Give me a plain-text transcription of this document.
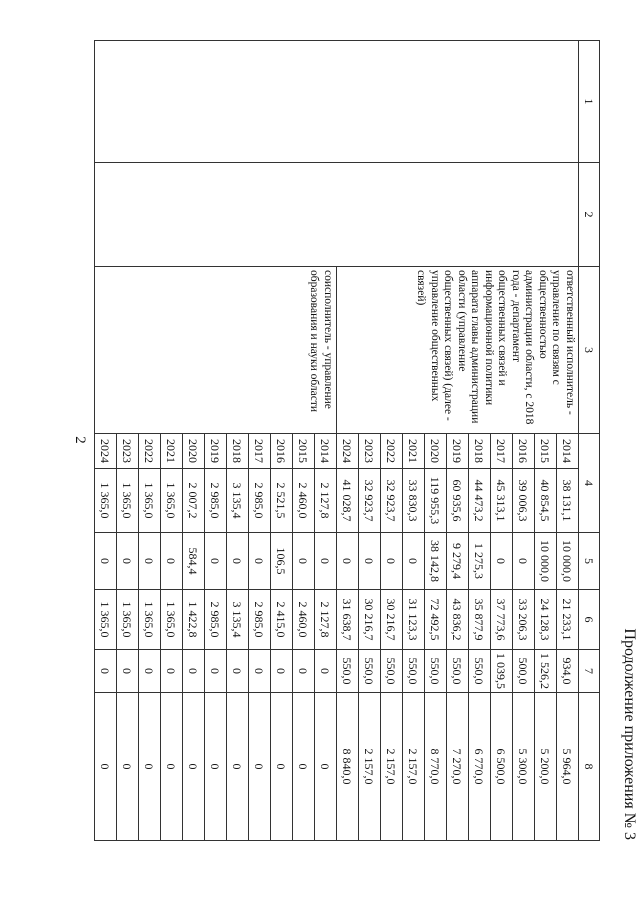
Продолжение приложения № 3
1	2	3	4		5	6	7	8
		ответственный исполнитель - управление по связям с общественностью администрации области, с 2018 года - департамент общественных связей и информационной политики аппарата главы администрации области (управление общественных связей) (далее - управление общественных связей)	2014	38 131,1	10 000,0	21 233,1	934,0	5 964,0
			2015	40 854,5	10 000,0	24 128,3	1 526,2	5 200,0
			2016	39 006,3	0	33 206,3	500,0	5 300,0
			2017	45 313,1	0	37 773,6	1 039,5	6 500,0
			2018	44 473,2	1 275,3	35 877,9	550,0	6 770,0
			2019	60 935,6	9 279,4	43 836,2	550,0	7 270,0
			2020	119 955,3	38 142,8	72 492,5	550,0	8 770,0
			2021	33 830,3	0	31 123,3	550,0	2 157,0
			2022	32 923,7	0	30 216,7	550,0	2 157,0
			2023	32 923,7	0	30 216,7	550,0	2 157,0
			2024	41 028,7	0	31 638,7	550,0	8 840,0
		соисполнитель - управление образования и науки области	2014	2 127,8	0	2 127,8	0	0
			2015	2 460,0	0	2 460,0	0	0
			2016	2 521,5	106,5	2 415,0	0	0
			2017	2 985,0	0	2 985,0	0	0
			2018	3 135,4	0	3 135,4	0	0
			2019	2 985,0	0	2 985,0	0	0
			2020	2 007,2	584,4	1 422,8	0	0
			2021	1 365,0	0	1 365,0	0	0
			2022	1 365,0	0	1 365,0	0	0
			2023	1 365,0	0	1 365,0	0	0
			2024	1 365,0	0	1 365,0	0	0
2
